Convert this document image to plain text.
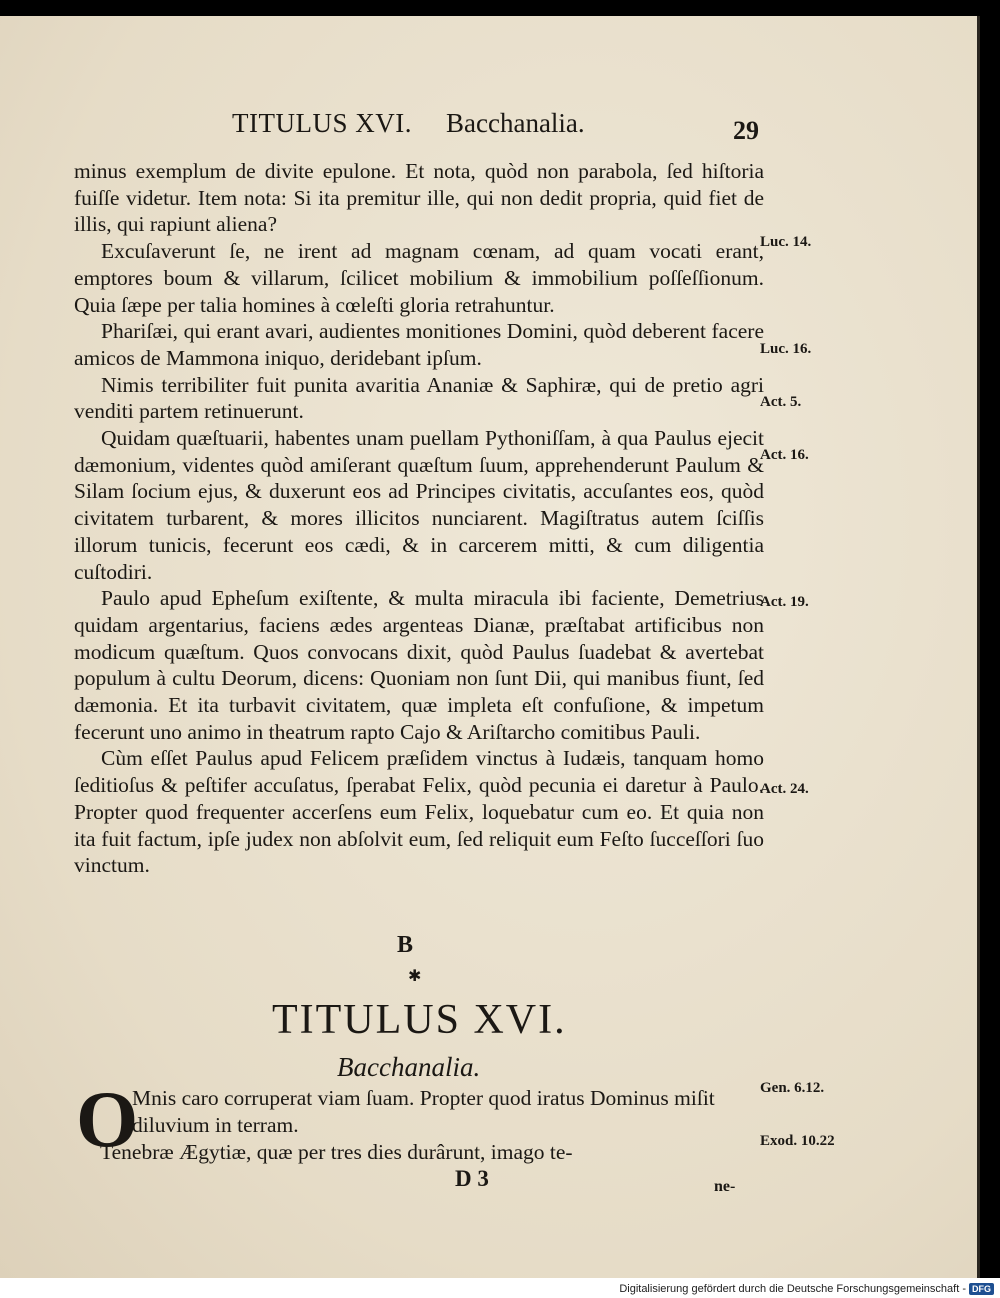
TITULUS XVI. Bacchanalia.	29

minus exemplum de divite epulone. Et nota, quòd non parabola, ſed hiſtoria fuiſſe videtur. Item nota: Si ita premitur ille, qui non dedit propria, quid fiet de illis, qui rapiunt aliena?

Excuſaverunt ſe, ne irent ad magnam cœnam, ad quam vocati erant, emptores boum & villarum, ſcilicet mobilium & immobilium poſſeſſionum. Quia ſæpe per talia homines à cœleſti gloria retrahuntur.

Phariſæi, qui erant avari, audientes monitiones Domini, quòd deberent facere amicos de Mammona iniquo, deridebant ipſum.

Nimis terribiliter fuit punita avaritia Ananiæ & Saphiræ, qui de pretio agri venditi partem retinuerunt.

Quidam quæſtuarii, habentes unam puellam Pythoniſſam, à qua Paulus ejecit dæmonium, videntes quòd amiſerant quæſtum ſuum, apprehenderunt Paulum & Silam ſocium ejus, & duxerunt eos ad Principes civitatis, accuſantes eos, quòd civitatem turbarent, & mores illicitos nunciarent. Magiſtratus autem ſciſſis illorum tunicis, fecerunt eos cædi, & in carcerem mitti, & cum diligentia cuſtodiri.

Paulo apud Epheſum exiſtente, & multa miracula ibi faciente, Demetrius quidam argentarius, faciens ædes argenteas Dianæ, præſtabat artificibus non modicum quæſtum. Quos convocans dixit, quòd Paulus ſuadebat & avertebat populum à cultu Deorum, dicens: Quoniam non ſunt Dii, qui manibus fiunt, ſed dæmonia. Et ita turbavit civitatem, quæ impleta eſt confuſione, & impetum fecerunt uno animo in theatrum rapto Cajo & Ariſtarcho comitibus Pauli.

Cùm eſſet Paulus apud Felicem præſidem vinctus à Iudæis, tanquam homo ſeditioſus & peſtifer accuſatus, ſperabat Felix, quòd pecunia ei daretur à Paulo. Propter quod frequenter accerſens eum Felix, loquebatur cum eo. Et quia non ita fuit factum, ipſe judex non abſolvit eum, ſed reliquit eum Feſto ſucceſſori ſuo vinctum.

Luc. 14.
Luc. 16.
Act. 5.
Act. 16.
Act. 19.
Act. 24.
B
✱
TITULUS XVI.
Bacchanalia.
O
Mnis caro corruperat viam ſuam. Propter quod iratus Dominus miſit diluvium in terram.
Tenebræ Ægytiæ, quæ per tres dies durârunt, imago te-
Gen. 6.12.
Exod. 10.22
D 3	ne-
Digitalisierung gefördert durch die Deutsche Forschungsgemeinschaft - DFG
